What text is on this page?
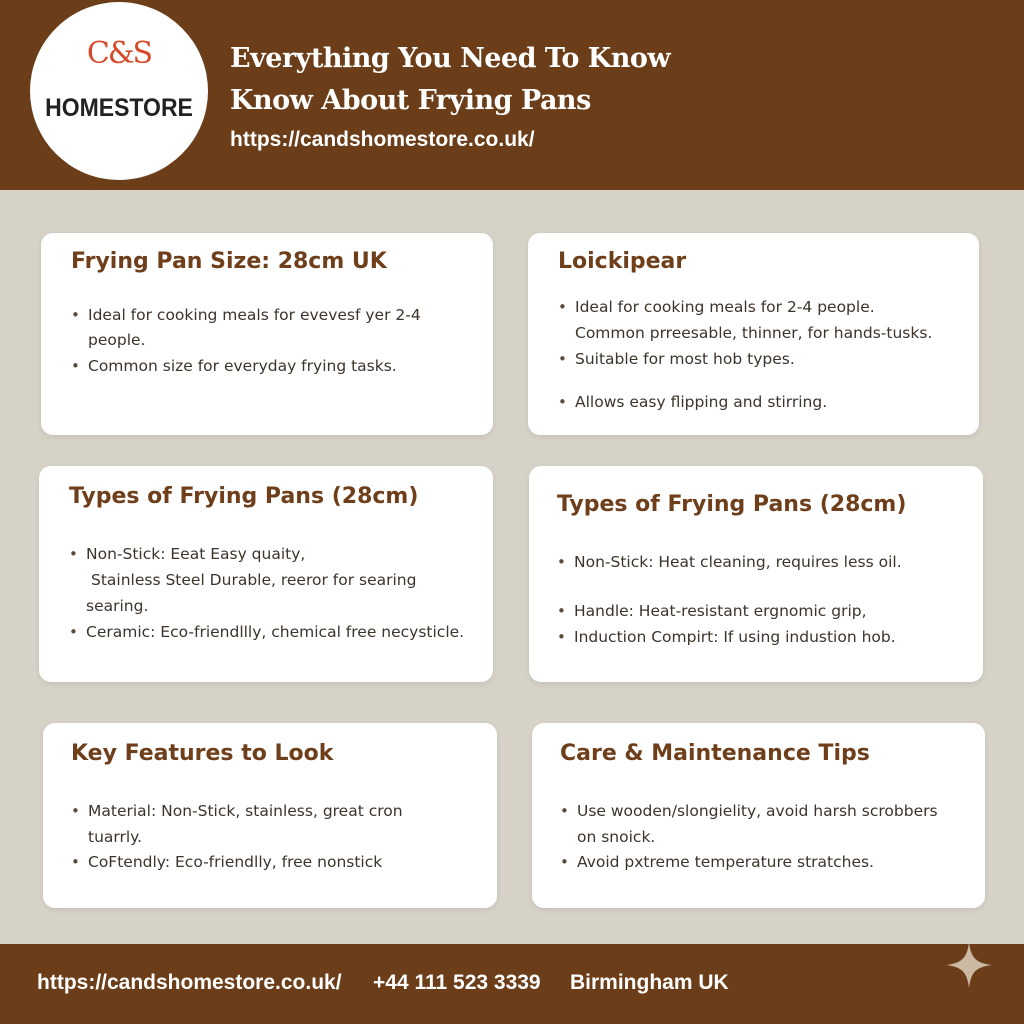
C&S
HOMESTORE
Everything You Need To Know
Know About Frying Pans
https://candshomestore.co.uk/
Frying Pan Size: 28cm UK
• Ideal for cooking meals for evevesf yer 2-4
people.
• Common size for everyday frying tasks.
Loickipear
• Ideal for cooking meals for 2-4 people.
Common prreesable, thinner, for hands-tusks.
• Suitable for most hob types.
• Allows easy flipping and stirring.
Types of Frying Pans (28cm)
• Non-Stick: Eeat Easy quaity,
Stainless Steel Durable, reeror for searing
searing.
• Ceramic: Eco-friendllly, chemical free necysticle.
Types of Frying Pans (28cm)
• Non-Stick: Heat cleaning, requires less oil.
• Handle: Heat-resistant ergnomic grip,
• Induction Compirt: If using industion hob.
Key Features to Look
• Material: Non-Stick, stainless, great cron
tuarrly.
• CoFtendly: Eco-friendlly, free nonstick
Care & Maintenance Tips
• Use wooden/slongielity, avoid harsh scrobbers
on snoick.
• Avoid pxtreme temperature stratches.
https://candshomestore.co.uk/ +44 111 523 3339 Birmingham UK
